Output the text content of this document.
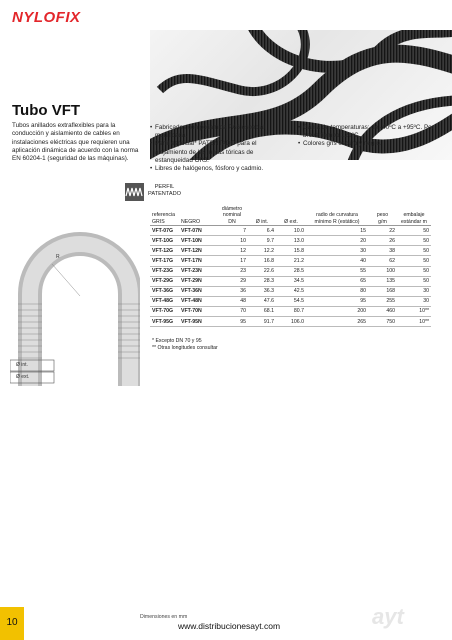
NYLOFIX
Tubo VFT
Tubos anillados extraflexibles para la conducción y aislamiento de cables en instalaciones eléctricas que requieren una aplicación dinámica de acuerdo con la norma EN 60204-1 (seguridad de las máquinas).
• Fabricados con poliamida PA6 especial modificada.
• Perfil especial* PATENTADO para el alojamiento de las juntas tóricas de estanqueidad ORJ.
• Libres de halógenos, fósforo y cadmio.
• Gama de temperaturas: de -40ºC a +95ºC. Por breve tiempo 120ºC.
• Colores gris oscuro y negro.
PERFIL
PATENTADO
R
Ø int.
Ø ext.
referencia		diámetro
nominal			radio de curvatura	peso	embalaje
GRIS	NEGRO	DN	Ø int.	Ø ext.	mínimo R (estático)	g/m	estándar m
VFT-07G	VFT-07N	7	6.4	10.0	15	22	50
VFT-10G	VFT-10N	10	9.7	13.0	20	26	50
VFT-12G	VFT-12N	12	12.2	15.8	30	38	50
VFT-17G	VFT-17N	17	16.8	21.2	40	62	50
VFT-23G	VFT-23N	23	22.6	28.5	55	100	50
VFT-29G	VFT-29N	29	28.3	34.5	65	135	50
VFT-36G	VFT-36N	36	36.3	42.5	80	168	30
VFT-48G	VFT-48N	48	47.6	54.5	95	255	30
VFT-70G	VFT-70N	70	68.1	80.7	200	460	10**
VFT-95G	VFT-95N	95	91.7	106.0	265	750	10**
* Excepto DN 70 y 95
** Otras longitudes consultar
10	Dimensiones en mm
www.distribucionesayt.com	ayt
